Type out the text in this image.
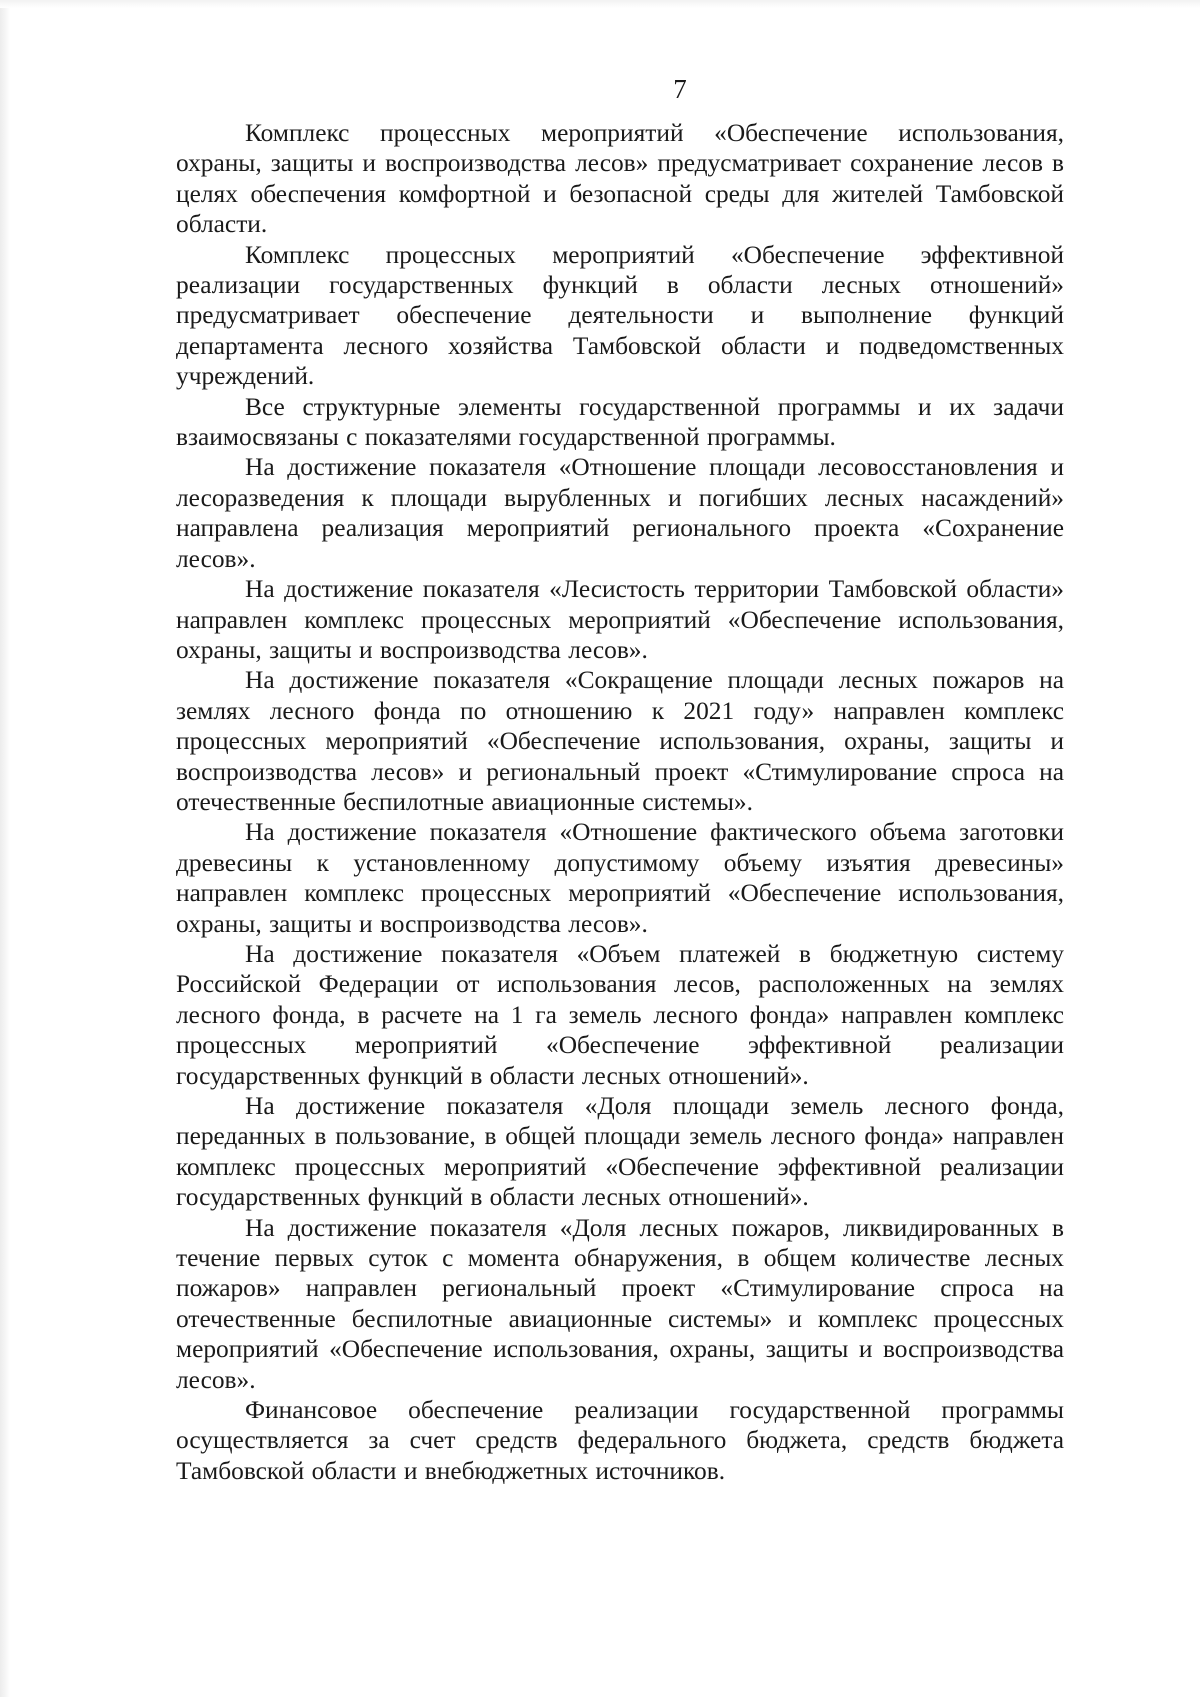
7

Комплекс процессных мероприятий «Обеспечение использования, охраны, защиты и воспроизводства лесов» предусматривает сохранение лесов в целях обеспечения комфортной и безопасной среды для жителей Тамбовской области.

Комплекс процессных мероприятий «Обеспечение эффективной реализации государственных функций в области лесных отношений» предусматривает обеспечение деятельности и выполнение функций департамента лесного хозяйства Тамбовской области и подведомственных учреждений.

Все структурные элементы государственной программы и их задачи взаимосвязаны с показателями государственной программы.

На достижение показателя «Отношение площади лесовосстановления и лесоразведения к площади вырубленных и погибших лесных насаждений» направлена реализация мероприятий регионального проекта «Сохранение лесов».

На достижение показателя «Лесистость территории Тамбовской области» направлен комплекс процессных мероприятий «Обеспечение использования, охраны, защиты и воспроизводства лесов».

На достижение показателя «Сокращение площади лесных пожаров на землях лесного фонда по отношению к 2021 году» направлен комплекс процессных мероприятий «Обеспечение использования, охраны, защиты и воспроизводства лесов» и региональный проект «Стимулирование спроса на отечественные беспилотные авиационные системы».

На достижение показателя «Отношение фактического объема заготовки древесины к установленному допустимому объему изъятия древесины» направлен комплекс процессных мероприятий «Обеспечение использования, охраны, защиты и воспроизводства лесов».

На достижение показателя «Объем платежей в бюджетную систему Российской Федерации от использования лесов, расположенных на землях лесного фонда, в расчете на 1 га земель лесного фонда» направлен комплекс процессных мероприятий «Обеспечение эффективной реализации государственных функций в области лесных отношений».

На достижение показателя «Доля площади земель лесного фонда, переданных в пользование, в общей площади земель лесного фонда» направлен комплекс процессных мероприятий «Обеспечение эффективной реализации государственных функций в области лесных отношений».

На достижение показателя «Доля лесных пожаров, ликвидированных в течение первых суток с момента обнаружения, в общем количестве лесных пожаров» направлен региональный проект «Стимулирование спроса на отечественные беспилотные авиационные системы» и комплекс процессных мероприятий «Обеспечение использования, охраны, защиты и воспроизводства лесов».

Финансовое обеспечение реализации государственной программы осуществляется за счет средств федерального бюджета, средств бюджета Тамбовской области и внебюджетных источников.
